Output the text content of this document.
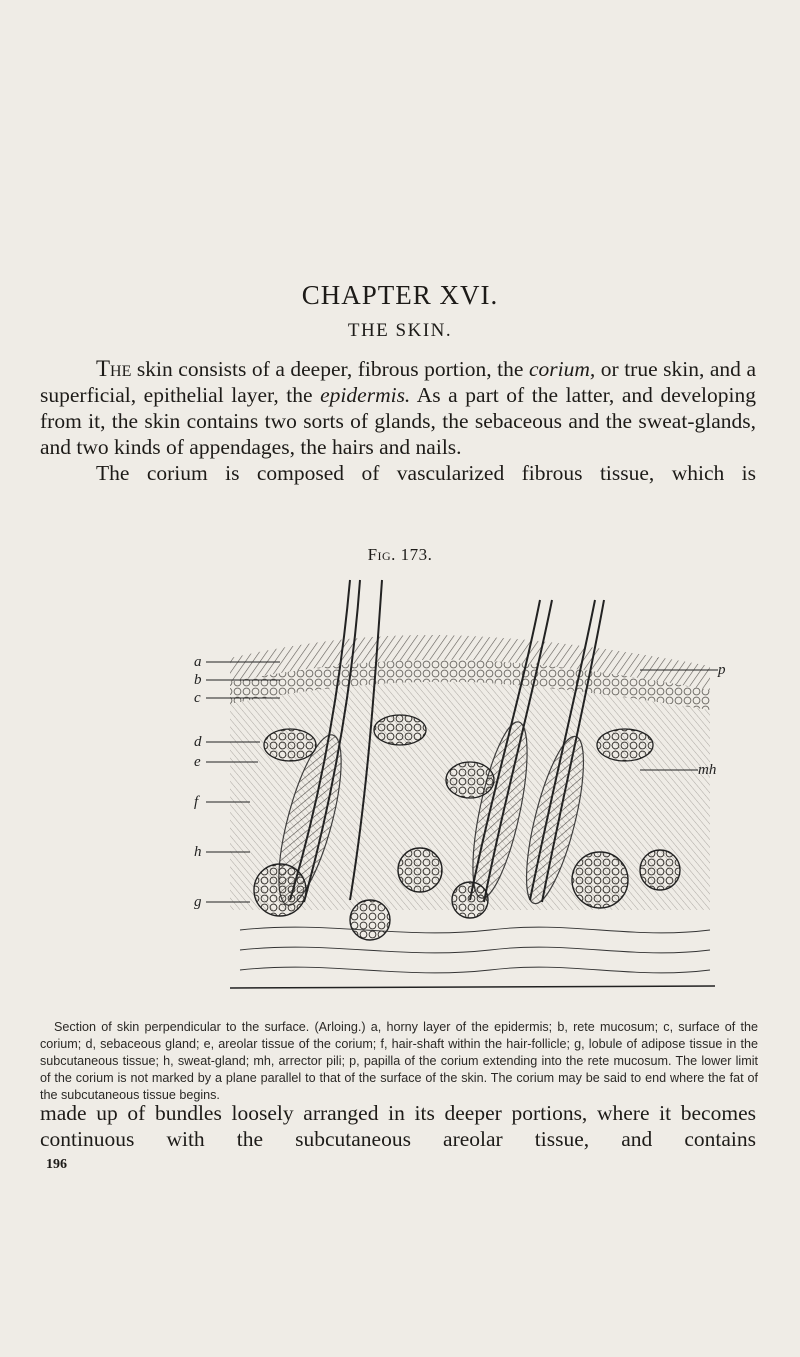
CHAPTER XVI.
THE SKIN.

The skin consists of a deeper, fibrous portion, the corium, or true skin, and a superficial, epithelial layer, the epidermis. As a part of the latter, and developing from it, the skin contains two sorts of glands, the sebaceous and the sweat-glands, and two kinds of appendages, the hairs and nails.

The corium is composed of vascularized fibrous tissue, which is

Fig. 173.
a
b
c
d
e
f
h
g
p
mh

Section of skin perpendicular to the surface. (Arloing.) a, horny layer of the epidermis; b, rete mucosum; c, surface of the corium; d, sebaceous gland; e, areolar tissue of the corium; f, hair-shaft within the hair-follicle; g, lobule of adipose tissue in the subcutaneous tissue; h, sweat-gland; mh, arrector pili; p, papilla of the corium extending into the rete mucosum. The lower limit of the corium is not marked by a plane parallel to that of the surface of the skin. The corium may be said to end where the fat of the subcutaneous tissue begins.

made up of bundles loosely arranged in its deeper portions, where it becomes continuous with the subcutaneous areolar tissue, and contains

196
